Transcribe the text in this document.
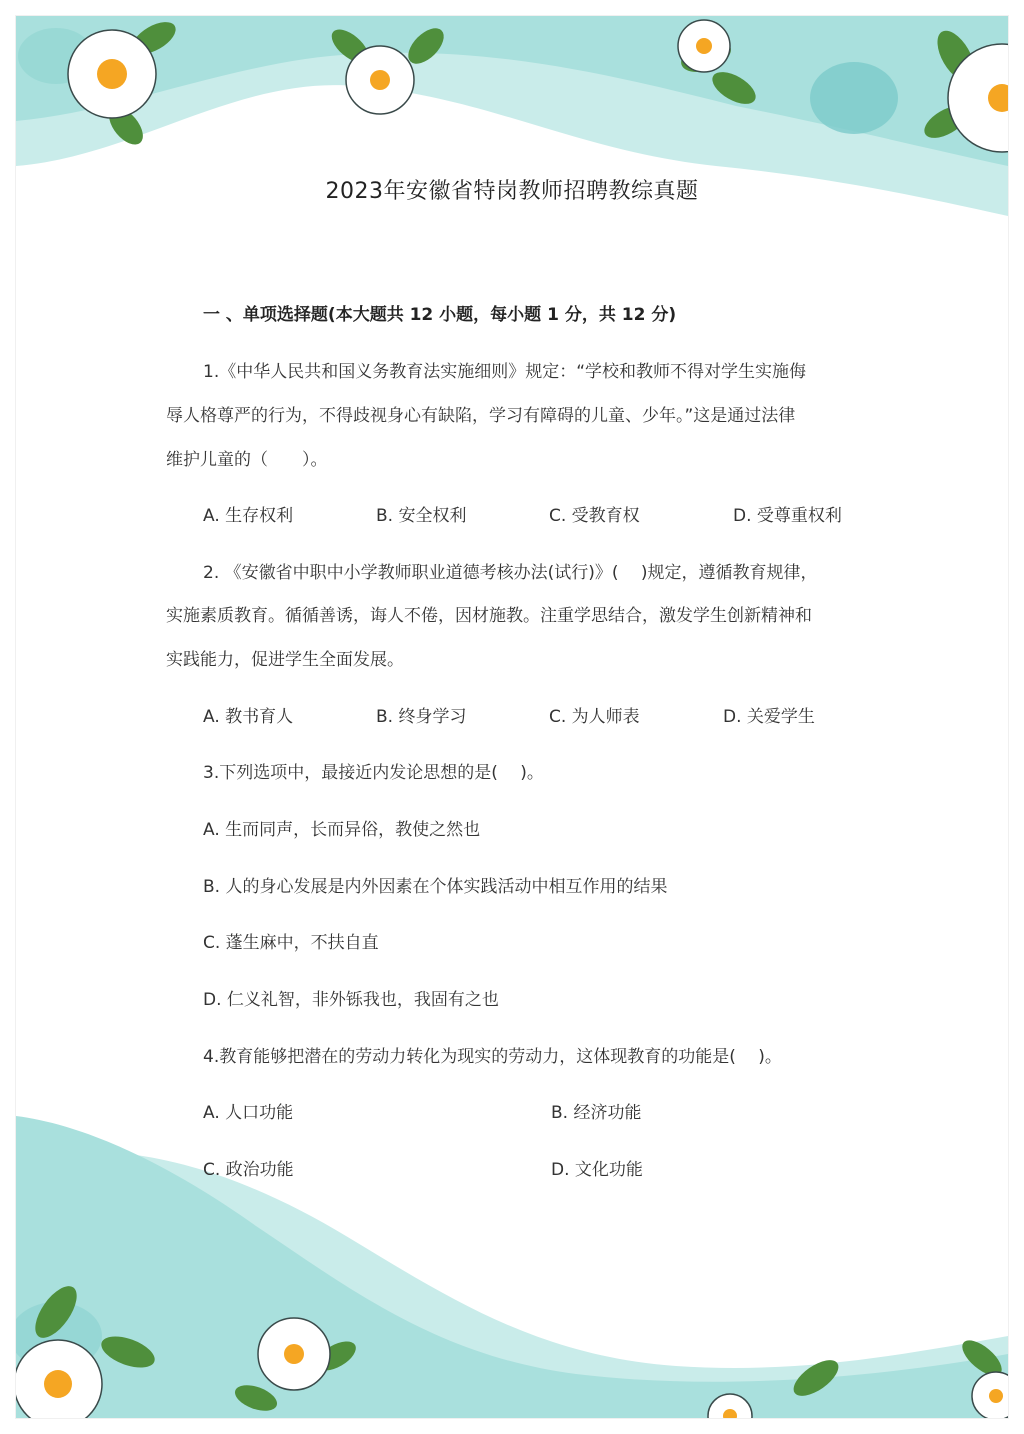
2023年安徽省特岗教师招聘教综真题
一 、单项选择题(本大题共 12 小题，每小题 1 分，共 12 分)
1.《中华人民共和国义务教育法实施细则》规定：“学校和教师不得对学生实施侮
辱人格尊严的行为，不得歧视身心有缺陷，学习有障碍的儿童、少年。”这是通过法律
维护儿童的（　　）。
A. 生存权利	B. 安全权利	C. 受教育权	D. 受尊重权利
2. 《安徽省中职中小学教师职业道德考核办法(试行)》(　 )规定，遵循教育规律，
实施素质教育。循循善诱，诲人不倦，因材施教。注重学思结合，激发学生创新精神和
实践能力，促进学生全面发展。
A. 教书育人	B. 终身学习	C. 为人师表	D. 关爱学生
3.下列选项中，最接近内发论思想的是(　 )。
A. 生而同声，长而异俗，教使之然也
B. 人的身心发展是内外因素在个体实践活动中相互作用的结果
C. 蓬生麻中，不扶自直
D. 仁义礼智，非外铄我也，我固有之也
4.教育能够把潜在的劳动力转化为现实的劳动力，这体现教育的功能是(　 )。
A. 人口功能	B. 经济功能
C. 政治功能	D. 文化功能
